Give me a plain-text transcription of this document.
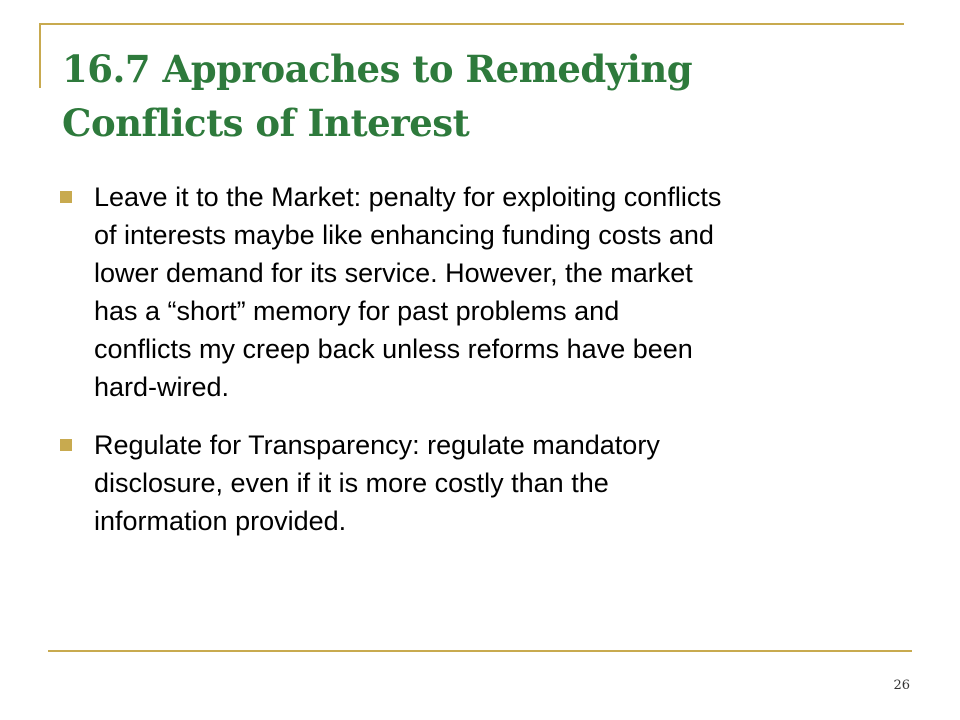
16.7 Approaches to Remedying
Conflicts of Interest
Leave it to the Market: penalty for exploiting conflicts
of interests maybe like enhancing funding costs and
lower demand for its service. However, the market
has a “short” memory for past problems and
conflicts my creep back unless reforms have been
hard-wired.
Regulate for Transparency: regulate mandatory
disclosure, even if it is more costly than the
information provided.
26
